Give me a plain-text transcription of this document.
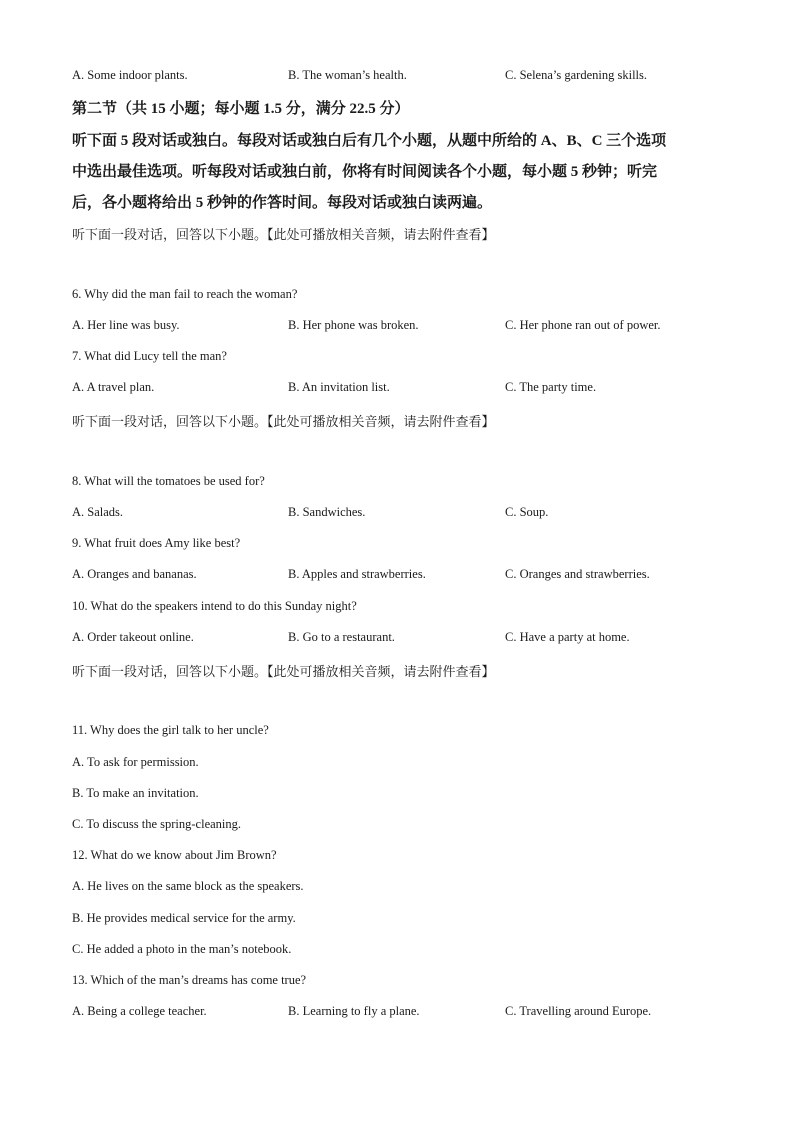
A. Some indoor plants.	B. The woman’s health.	C. Selena’s gardening skills.
第二节（共 15 小题；每小题 1.5 分，满分 22.5 分）
听下面 5 段对话或独白。每段对话或独白后有几个小题，从题中所给的 A、B、C 三个选项
中选出最佳选项。听每段对话或独白前，你将有时间阅读各个小题，每小题 5 秒钟；听完
后，各小题将给出 5 秒钟的作答时间。每段对话或独白读两遍。
听下面一段对话，回答以下小题。【此处可播放相关音频，请去附件查看】
6. Why did the man fail to reach the woman?
A. Her line was busy.	B. Her phone was broken.	C. Her phone ran out of power.
7. What did Lucy tell the man?
A. A travel plan.	B. An invitation list.	C. The party time.
听下面一段对话，回答以下小题。【此处可播放相关音频，请去附件查看】
8. What will the tomatoes be used for?
A. Salads.	B. Sandwiches.	C. Soup.
9. What fruit does Amy like best?
A. Oranges and bananas.	B. Apples and strawberries.	C. Oranges and strawberries.
10. What do the speakers intend to do this Sunday night?
A. Order takeout online.	B. Go to a restaurant.	C. Have a party at home.
听下面一段对话，回答以下小题。【此处可播放相关音频，请去附件查看】
11. Why does the girl talk to her uncle?
A. To ask for permission.
B. To make an invitation.
C. To discuss the spring-cleaning.
12. What do we know about Jim Brown?
A. He lives on the same block as the speakers.
B. He provides medical service for the army.
C. He added a photo in the man’s notebook.
13. Which of the man’s dreams has come true?
A. Being a college teacher.	B. Learning to fly a plane.	C. Travelling around Europe.
